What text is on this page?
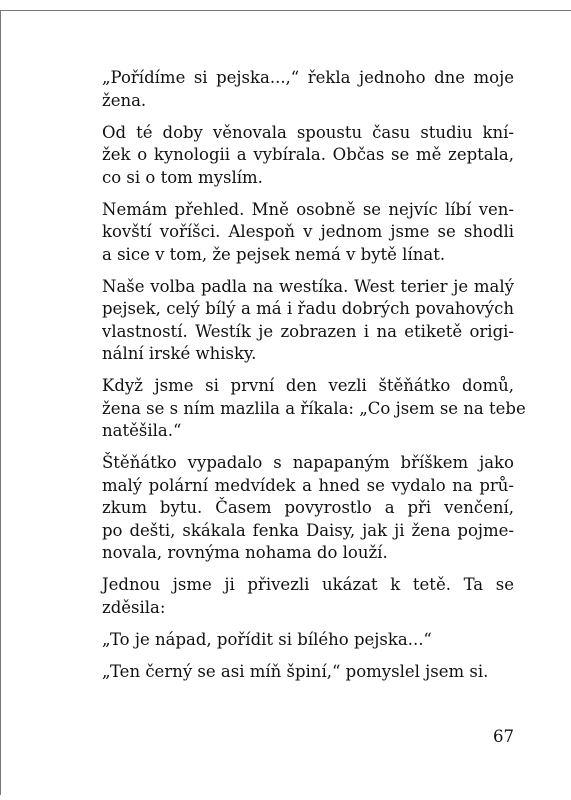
„Pořídíme si pejska...,“ řekla jednoho dne moje
žena.

Od té doby věnovala spoustu času studiu kní-
žek o kynologii a vybírala. Občas se mě zeptala,
co si o tom myslím.

Nemám přehled. Mně osobně se nejvíc líbí ven-
kovští voříšci. Alespoň v jednom jsme se shodli
a sice v tom, že pejsek nemá v bytě línat.

Naše volba padla na westíka. West terier je malý
pejsek, celý bílý a má i řadu dobrých povahových
vlastností. Westík je zobrazen i na etiketě origi-
nální irské whisky.

Když jsme si první den vezli štěňátko domů,
žena se s ním mazlila a říkala: „Co jsem se na tebe
natěšila.“

Štěňátko vypadalo s napapaným bříškem jako
malý polární medvídek a hned se vydalo na prů-
zkum bytu. Časem povyrostlo a při venčení,
po dešti, skákala fenka Daisy, jak ji žena pojme-
novala, rovnýma nohama do louží.

Jednou jsme ji přivezli ukázat k tetě. Ta se
zděsila:

„To je nápad, pořídit si bílého pejska...“

„Ten černý se asi míň špiní,“ pomyslel jsem si.

67
